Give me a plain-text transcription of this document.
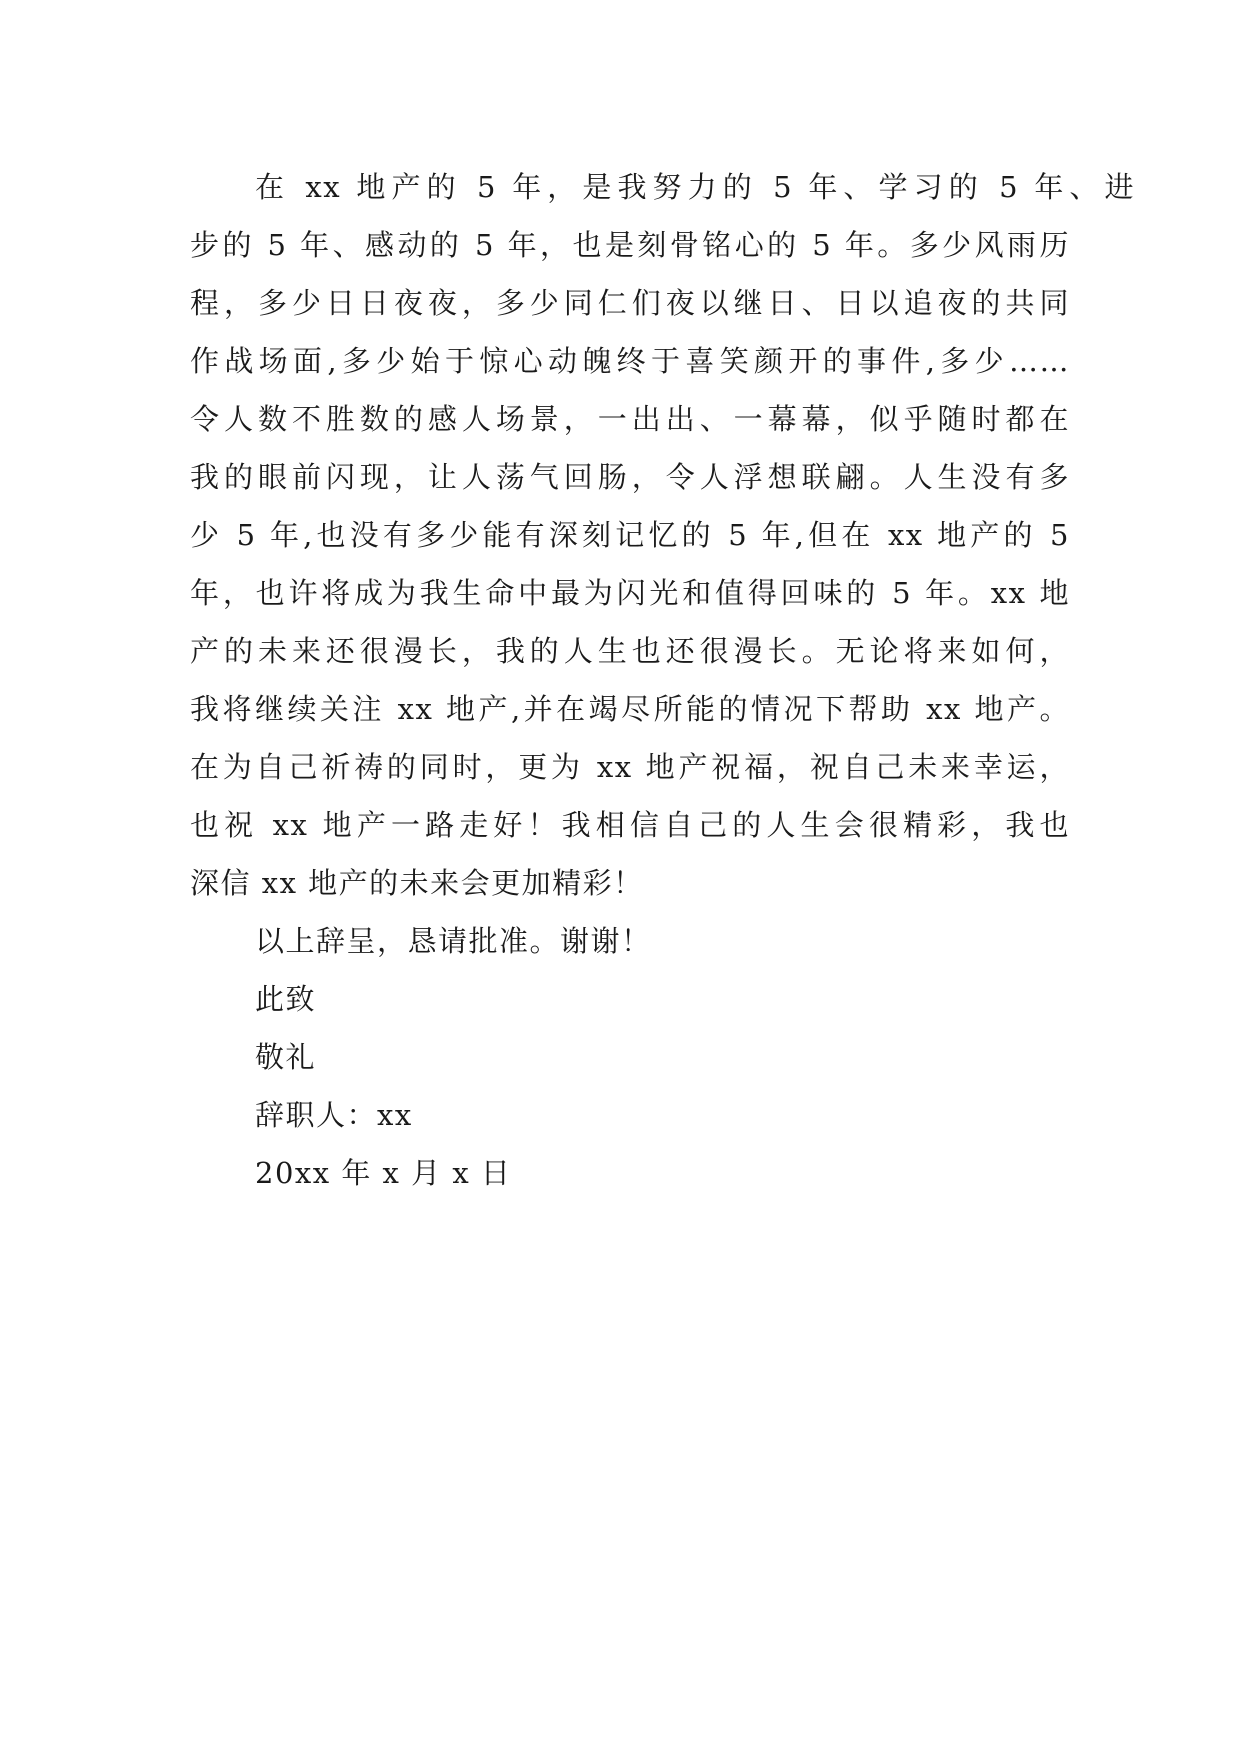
在 xx 地产的 5 年，是我努力的 5 年、学习的 5 年、进
步的 5 年、感动的 5 年，也是刻骨铭心的 5 年。多少风雨历
程，多少日日夜夜，多少同仁们夜以继日、日以追夜的共同
作战场面,多少始于惊心动魄终于喜笑颜开的事件,多少……
令人数不胜数的感人场景，一出出、一幕幕，似乎随时都在
我的眼前闪现，让人荡气回肠，令人浮想联翩。人生没有多
少 5 年,也没有多少能有深刻记忆的 5 年,但在 xx 地产的 5
年，也许将成为我生命中最为闪光和值得回味的 5 年。xx 地
产的未来还很漫长，我的人生也还很漫长。无论将来如何，
我将继续关注 xx 地产,并在竭尽所能的情况下帮助 xx 地产。
在为自己祈祷的同时，更为 xx 地产祝福，祝自己未来幸运，
也祝 xx 地产一路走好！我相信自己的人生会很精彩，我也
深信 xx 地产的未来会更加精彩！
以上辞呈，恳请批准。谢谢！
此致
敬礼
辞职人：xx
20xx 年 x 月 x 日
